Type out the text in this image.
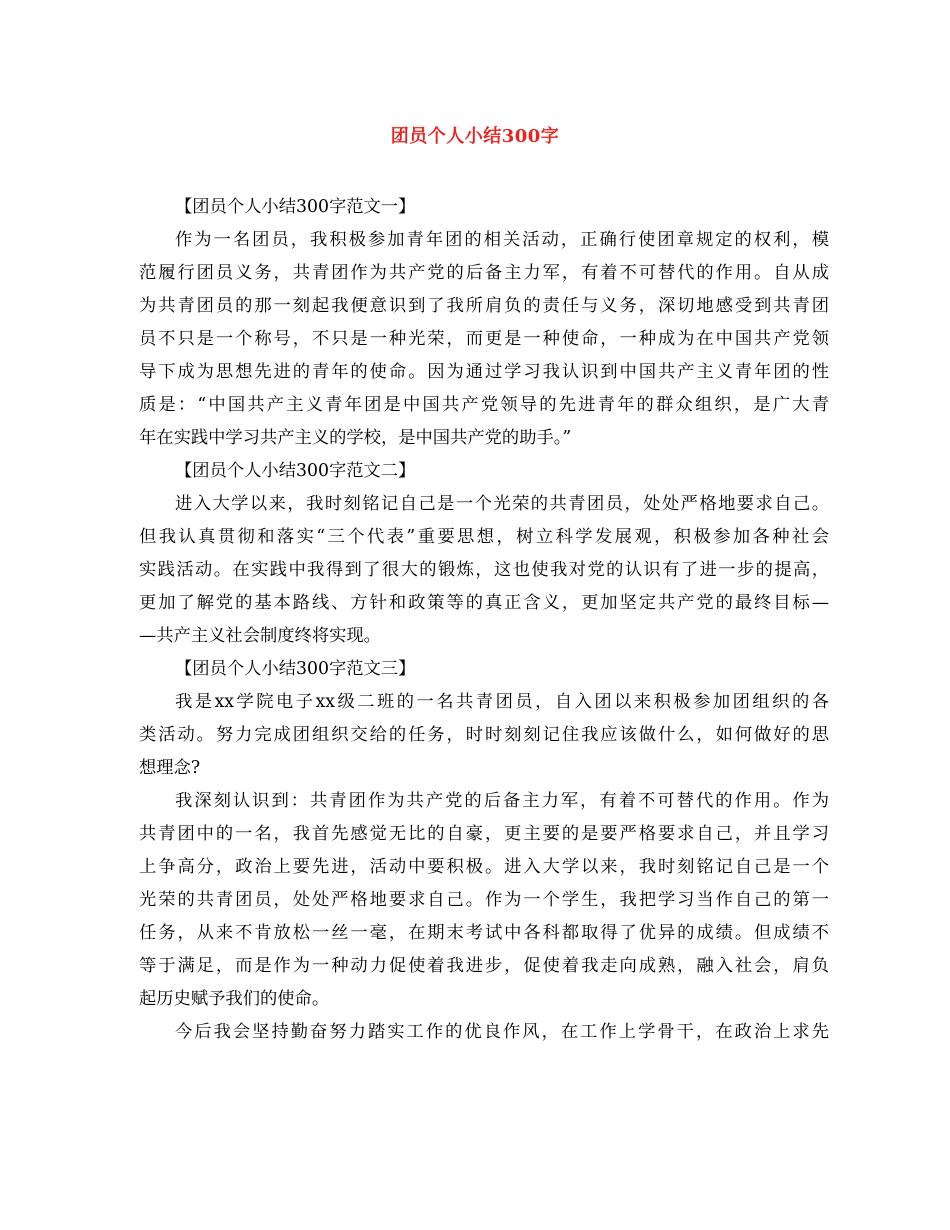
团员个人小结300字
【团员个人小结300字范文一】
作为一名团员，我积极参加青年团的相关活动，正确行使团章规定的权利，模
范履行团员义务，共青团作为共产党的后备主力军，有着不可替代的作用。自从成
为共青团员的那一刻起我便意识到了我所肩负的责任与义务，深切地感受到共青团
员不只是一个称号，不只是一种光荣，而更是一种使命，一种成为在中国共产党领
导下成为思想先进的青年的使命。因为通过学习我认识到中国共产主义青年团的性
质是：“中国共产主义青年团是中国共产党领导的先进青年的群众组织，是广大青
年在实践中学习共产主义的学校，是中国共产党的助手。”
【团员个人小结300字范文二】
进入大学以来，我时刻铭记自己是一个光荣的共青团员，处处严格地要求自己。
但我认真贯彻和落实“三个代表”重要思想，树立科学发展观，积极参加各种社会
实践活动。在实践中我得到了很大的锻炼，这也使我对党的认识有了进一步的提高，
更加了解党的基本路线、方针和政策等的真正含义，更加坚定共产党的最终目标—
—共产主义社会制度终将实现。
【团员个人小结300字范文三】
我是xx学院电子xx级二班的一名共青团员，自入团以来积极参加团组织的各
类活动。努力完成团组织交给的任务，时时刻刻记住我应该做什么，如何做好的思
想理念?
我深刻认识到：共青团作为共产党的后备主力军，有着不可替代的作用。作为
共青团中的一名，我首先感觉无比的自豪，更主要的是要严格要求自己，并且学习
上争高分，政治上要先进，活动中要积极。进入大学以来，我时刻铭记自己是一个
光荣的共青团员，处处严格地要求自己。作为一个学生，我把学习当作自己的第一
任务，从来不肯放松一丝一毫，在期末考试中各科都取得了优异的成绩。但成绩不
等于满足，而是作为一种动力促使着我进步，促使着我走向成熟，融入社会，肩负
起历史赋予我们的使命。
今后我会坚持勤奋努力踏实工作的优良作风，在工作上学骨干，在政治上求先
